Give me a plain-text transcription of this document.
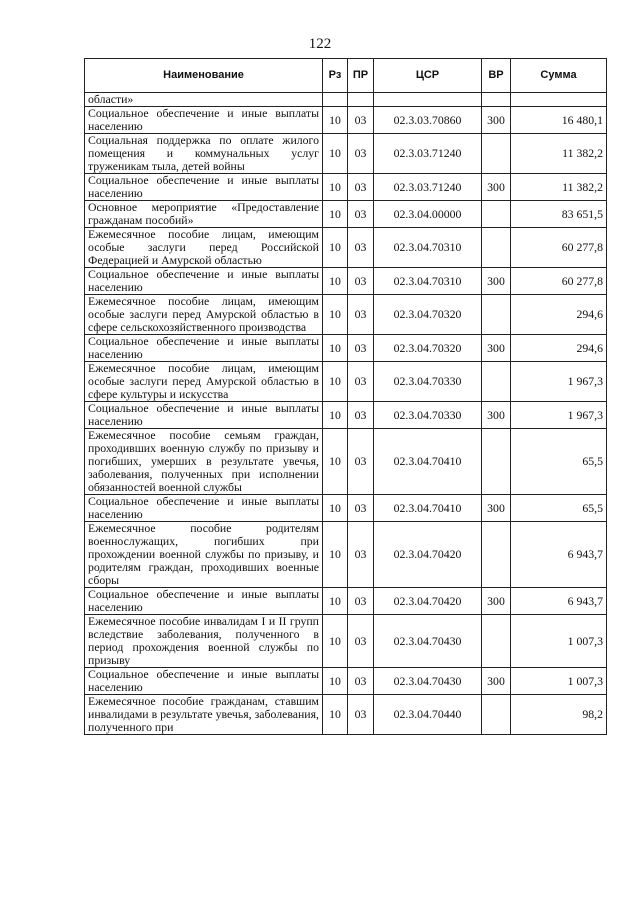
122
Наименование	Рз	ПР	ЦСР	ВР	Сумма
области»					
Социальное обеспечение и иные выплаты населению	10	03	02.3.03.70860	300	16 480,1
Социальная поддержка по оплате жилого помещения и коммунальных услуг труженикам тыла, детей войны	10	03	02.3.03.71240		11 382,2
Социальное обеспечение и иные выплаты населению	10	03	02.3.03.71240	300	11 382,2
Основное мероприятие «Предоставление гражданам пособий»	10	03	02.3.04.00000		83 651,5
Ежемесячное пособие лицам, имеющим особые заслуги перед Российской Федерацией и Амурской областью	10	03	02.3.04.70310		60 277,8
Социальное обеспечение и иные выплаты населению	10	03	02.3.04.70310	300	60 277,8
Ежемесячное пособие лицам, имеющим особые заслуги перед Амурской областью в сфере сельскохозяйственного производства	10	03	02.3.04.70320		294,6
Социальное обеспечение и иные выплаты населению	10	03	02.3.04.70320	300	294,6
Ежемесячное пособие лицам, имеющим особые заслуги перед Амурской областью в сфере культуры и искусства	10	03	02.3.04.70330		1 967,3
Социальное обеспечение и иные выплаты населению	10	03	02.3.04.70330	300	1 967,3
Ежемесячное пособие семьям граждан, проходивших военную службу по призыву и погибших, умерших в результате увечья, заболевания, полученных при исполнении обязанностей военной службы	10	03	02.3.04.70410		65,5
Социальное обеспечение и иные выплаты населению	10	03	02.3.04.70410	300	65,5
Ежемесячное пособие родителям военнослужащих, погибших при прохождении военной службы по призыву, и родителям граждан, проходивших военные сборы	10	03	02.3.04.70420		6 943,7
Социальное обеспечение и иные выплаты населению	10	03	02.3.04.70420	300	6 943,7
Ежемесячное пособие инвалидам I и II групп вследствие заболевания, полученного в период прохождения военной службы по призыву	10	03	02.3.04.70430		1 007,3
Социальное обеспечение и иные выплаты населению	10	03	02.3.04.70430	300	1 007,3
Ежемесячное пособие гражданам, ставшим инвалидами в результате увечья, заболевания, полученного при	10	03	02.3.04.70440		98,2
